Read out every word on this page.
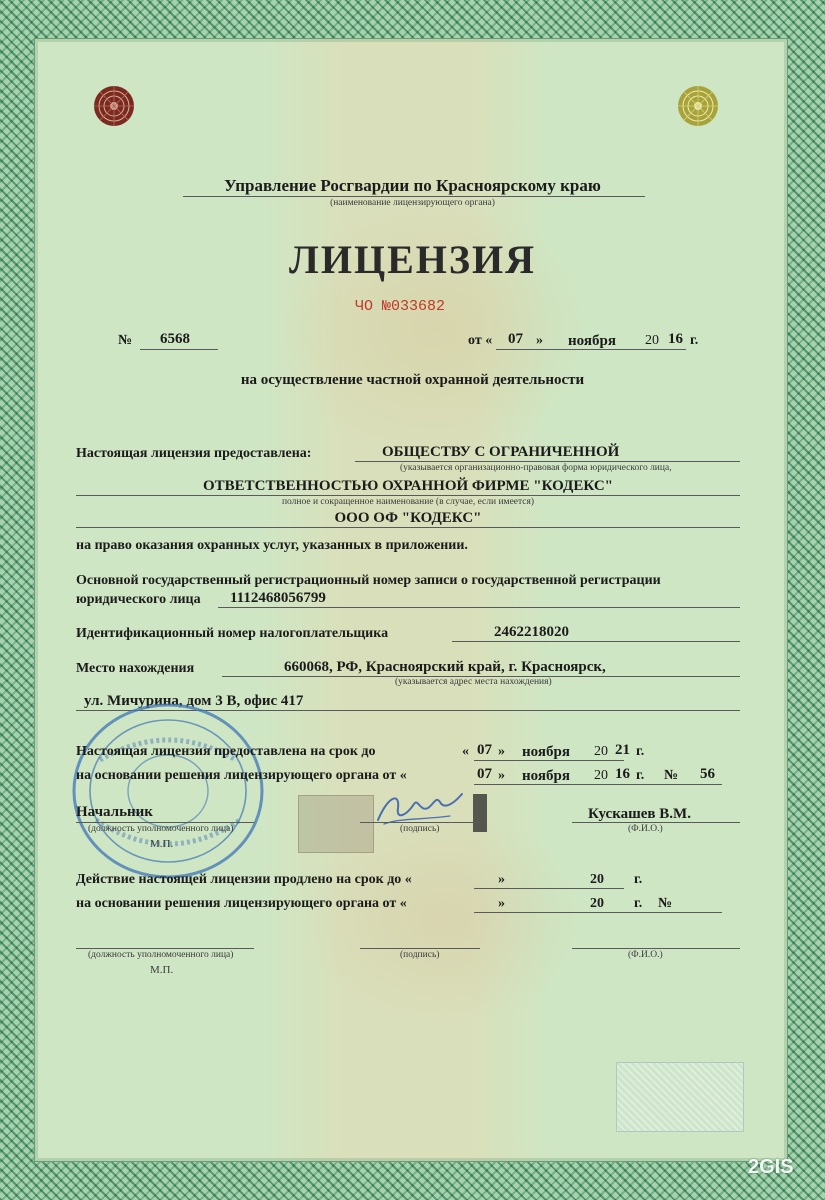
Управление Росгвардии по Красноярскому краю
(наименование лицензирующего органа)
ЛИЦЕНЗИЯ
ЧО №033682
№ 6568	от « 07 » ноября 20 16 г.
на осуществление частной охранной деятельности
Настоящая лицензия предоставлена:	ОБЩЕСТВУ С ОГРАНИЧЕННОЙ
(указывается организационно-правовая форма юридического лица,
ОТВЕТСТВЕННОСТЬЮ ОХРАННОЙ ФИРМЕ "КОДЕКС"
полное и сокращенное наименование (в случае, если имеется)
ООО ОФ "КОДЕКС"
на право оказания охранных услуг, указанных в приложении.
Основной государственный регистрационный номер записи о государственной регистрации
юридического лица 1112468056799
Идентификационный номер налогоплательщика	2462218020
Место нахождения	660068, РФ, Красноярский край, г. Красноярск,
(указывается адрес места нахождения)
ул. Мичурина, дом 3 В, офис 417
Настоящая лицензия предоставлена на срок до	« 07 » ноября 20 21 г.
на основании решения лицензирующего органа от «	07 » ноября 20 16 г. № 56
Начальник
(должность уполномоченного лица)
М.П.
(подпись)
Кускашев В.М.
(Ф.И.О.)
Действие настоящей лицензии продлено на срок до «	»	20 г.
на основании решения лицензирующего органа от «	»	20 г. №
(должность уполномоченного лица)
М.П.
(подпись)	(Ф.И.О.)
2GIS
